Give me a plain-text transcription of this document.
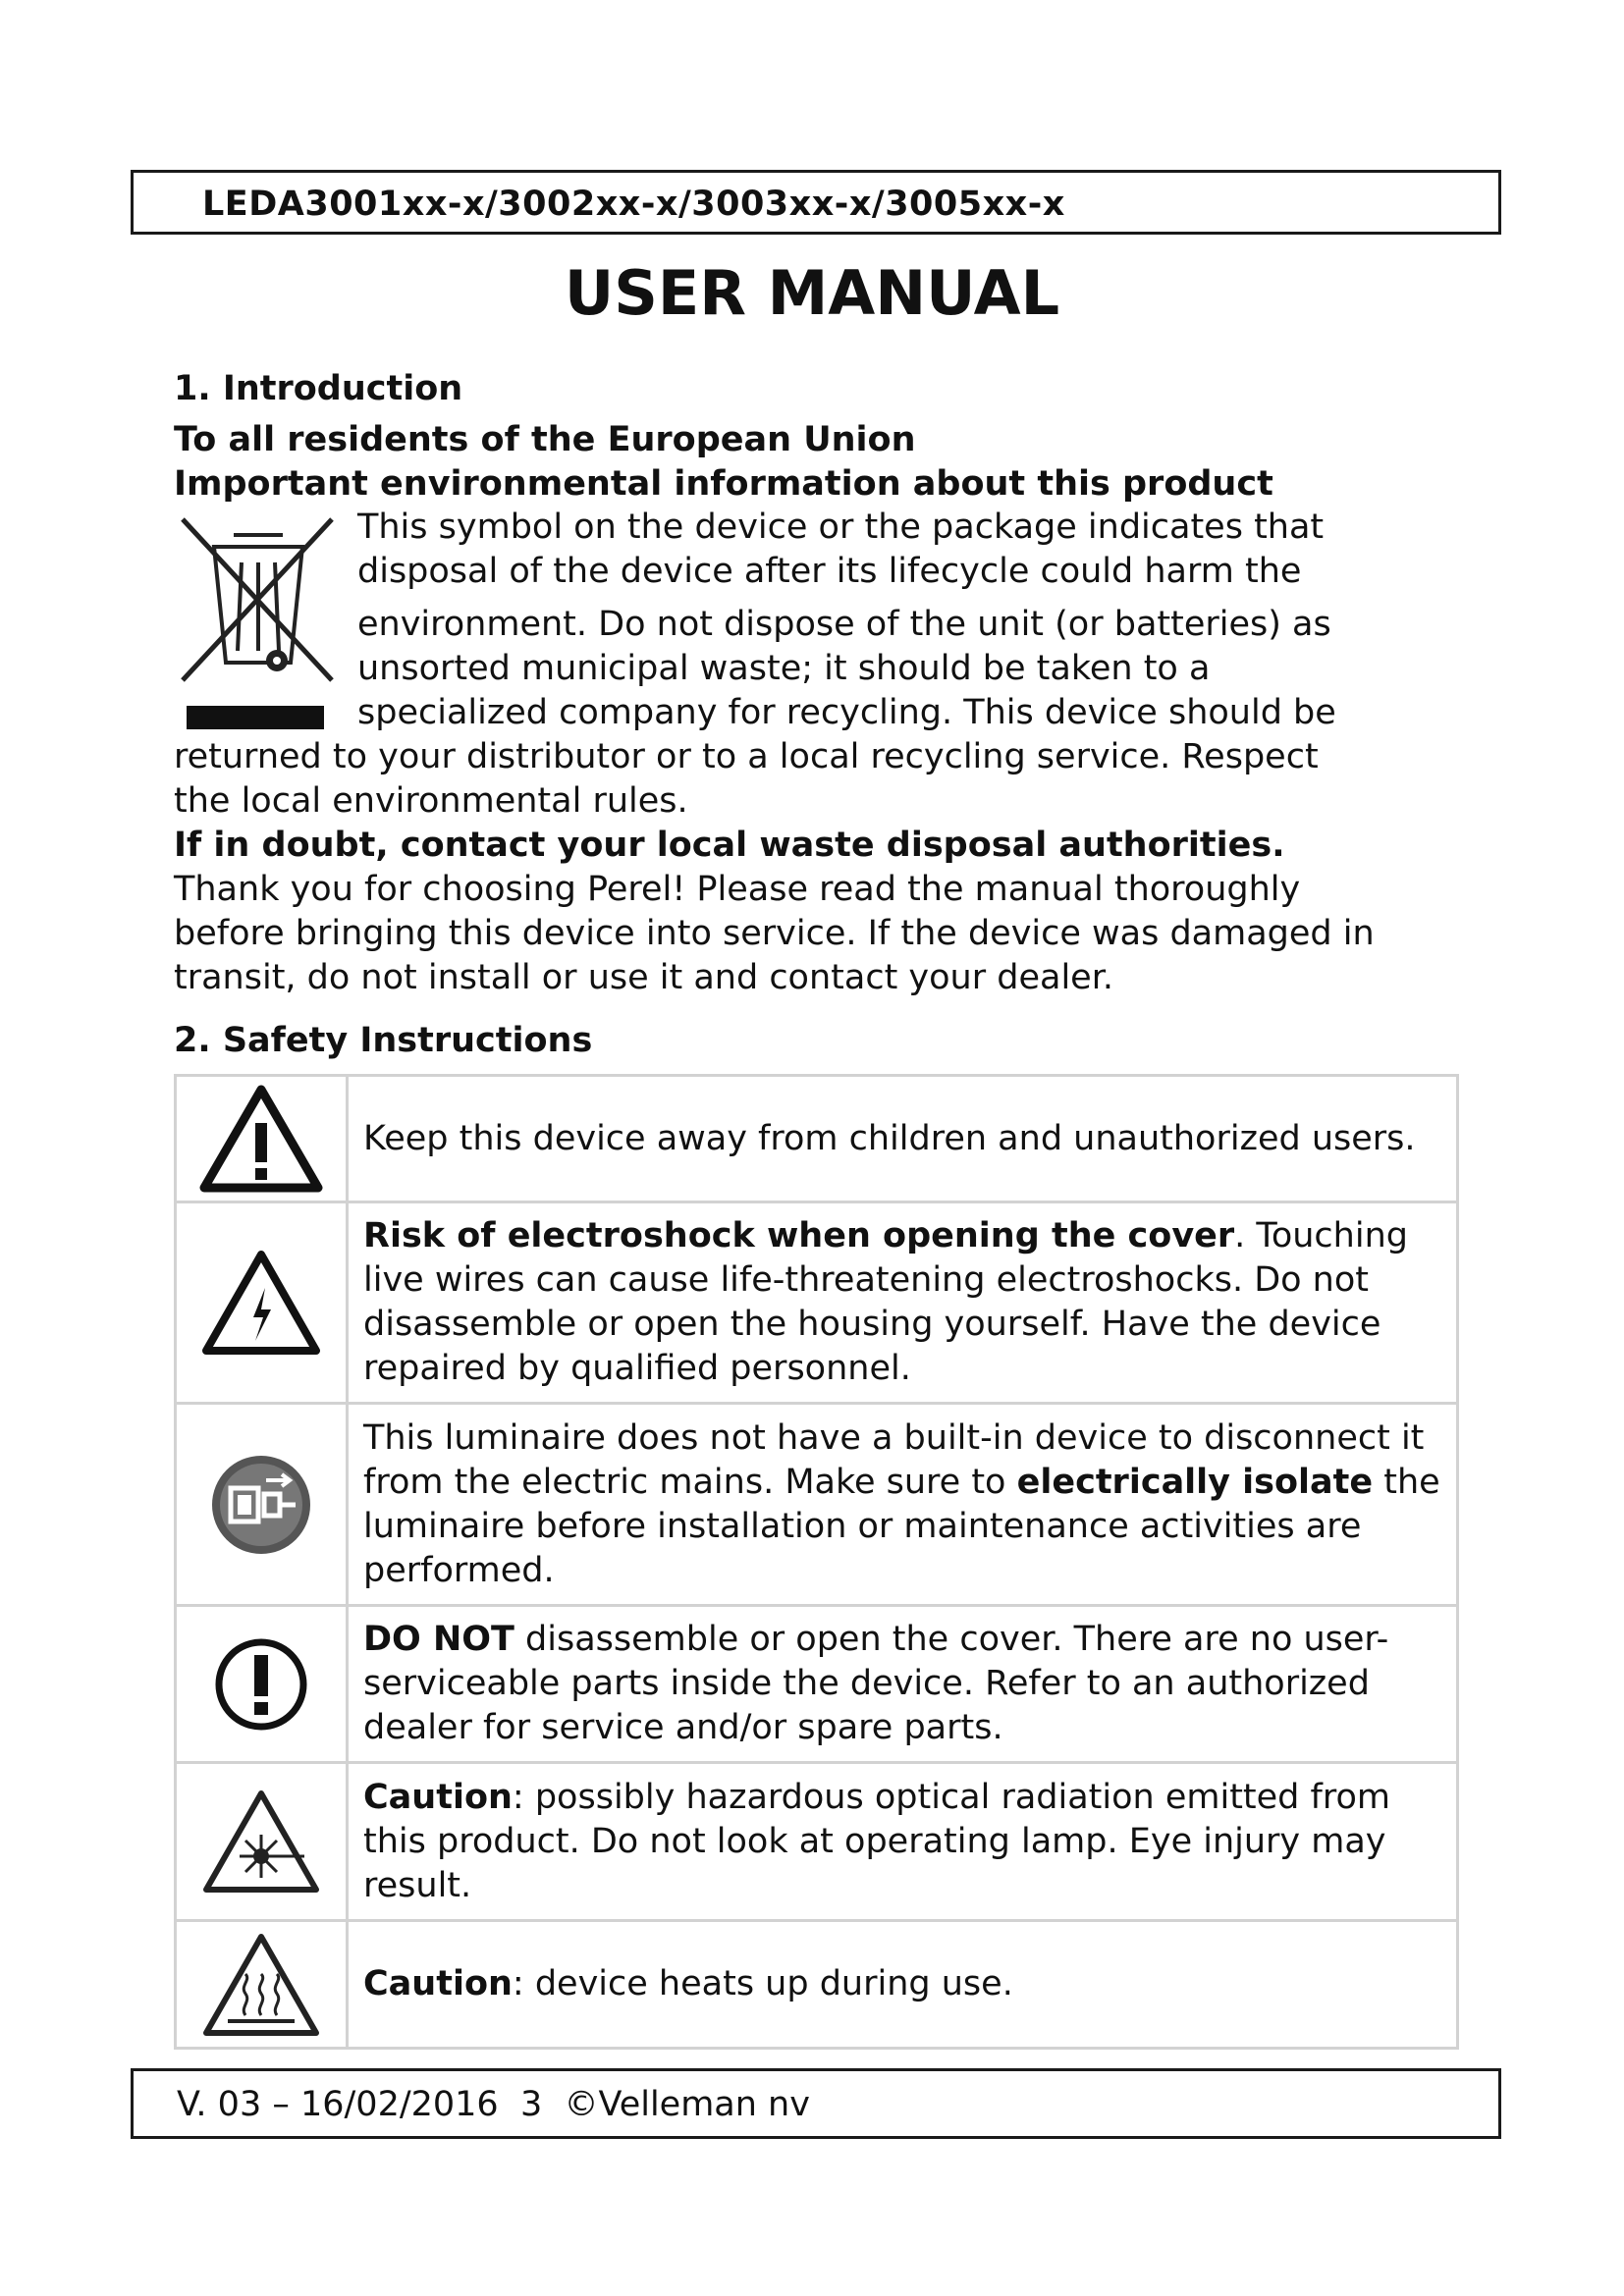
LEDA3001xx-x/3002xx-x/3003xx-x/3005xx-x
USER MANUAL
1. Introduction
To all residents of the European Union
Important environmental information about this product
This symbol on the device or the package indicates that
disposal of the device after its lifecycle could harm the
environment. Do not dispose of the unit (or batteries) as
unsorted municipal waste; it should be taken to a
specialized company for recycling. This device should be
returned to your distributor or to a local recycling service. Respect
the local environmental rules.
If in doubt, contact your local waste disposal authorities.
Thank you for choosing Perel! Please read the manual thoroughly
before bringing this device into service. If the device was damaged in
transit, do not install or use it and contact your dealer.
2. Safety Instructions
	Keep this device away from children and unauthorized users.

	Risk of electroshock when opening the cover. Touching live wires can cause life-threatening electroshocks. Do not disassemble or open the housing yourself. Have the device repaired by qualified personnel.

	This luminaire does not have a built-in device to disconnect it from the electric mains. Make sure to electrically isolate the luminaire before installation or maintenance activities are performed.

	DO NOT disassemble or open the cover. There are no user-serviceable parts inside the device. Refer to an authorized dealer for service and/or spare parts.

	Caution: possibly hazardous optical radiation emitted from this product. Do not look at operating lamp. Eye injury may result.

	Caution: device heats up during use.
V. 03 – 16/02/2016  3  ©Velleman nv
